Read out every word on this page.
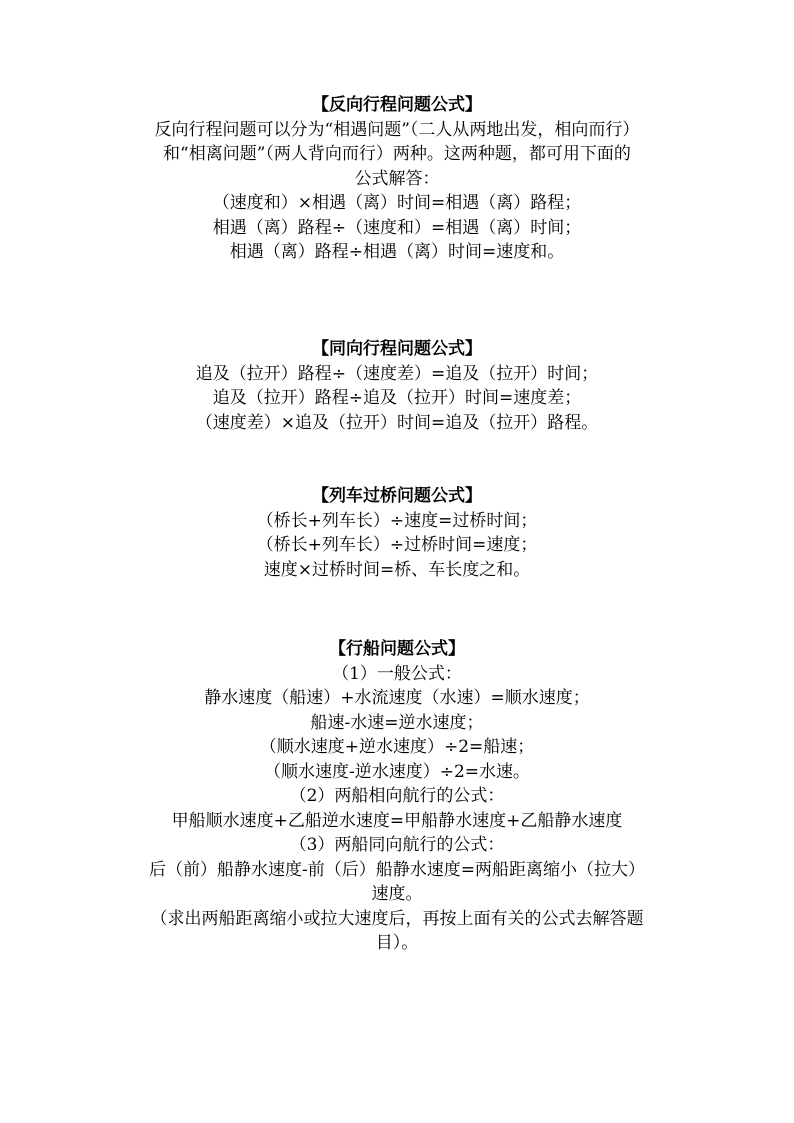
【反向行程问题公式】
反向行程问题可以分为“相遇问题”（二人从两地出发，相向而行）
和“相离问题”（两人背向而行）两种。这两种题，都可用下面的
公式解答：
（速度和）×相遇（离）时间=相遇（离）路程；
相遇（离）路程÷（速度和）=相遇（离）时间；
相遇（离）路程÷相遇（离）时间=速度和。
【同向行程问题公式】
追及（拉开）路程÷（速度差）=追及（拉开）时间；
追及（拉开）路程÷追及（拉开）时间=速度差；
（速度差）×追及（拉开）时间=追及（拉开）路程。
【列车过桥问题公式】
（桥长+列车长）÷速度=过桥时间；
（桥长+列车长）÷过桥时间=速度；
速度×过桥时间=桥、车长度之和。
【行船问题公式】
（1）一般公式：
静水速度（船速）+水流速度（水速）=顺水速度；
船速-水速=逆水速度；
（顺水速度+逆水速度）÷2=船速；
（顺水速度-逆水速度）÷2=水速。
（2）两船相向航行的公式：
甲船顺水速度+乙船逆水速度=甲船静水速度+乙船静水速度
（3）两船同向航行的公式：
后（前）船静水速度-前（后）船静水速度=两船距离缩小（拉大）
速度。
（求出两船距离缩小或拉大速度后，再按上面有关的公式去解答题
目）。
